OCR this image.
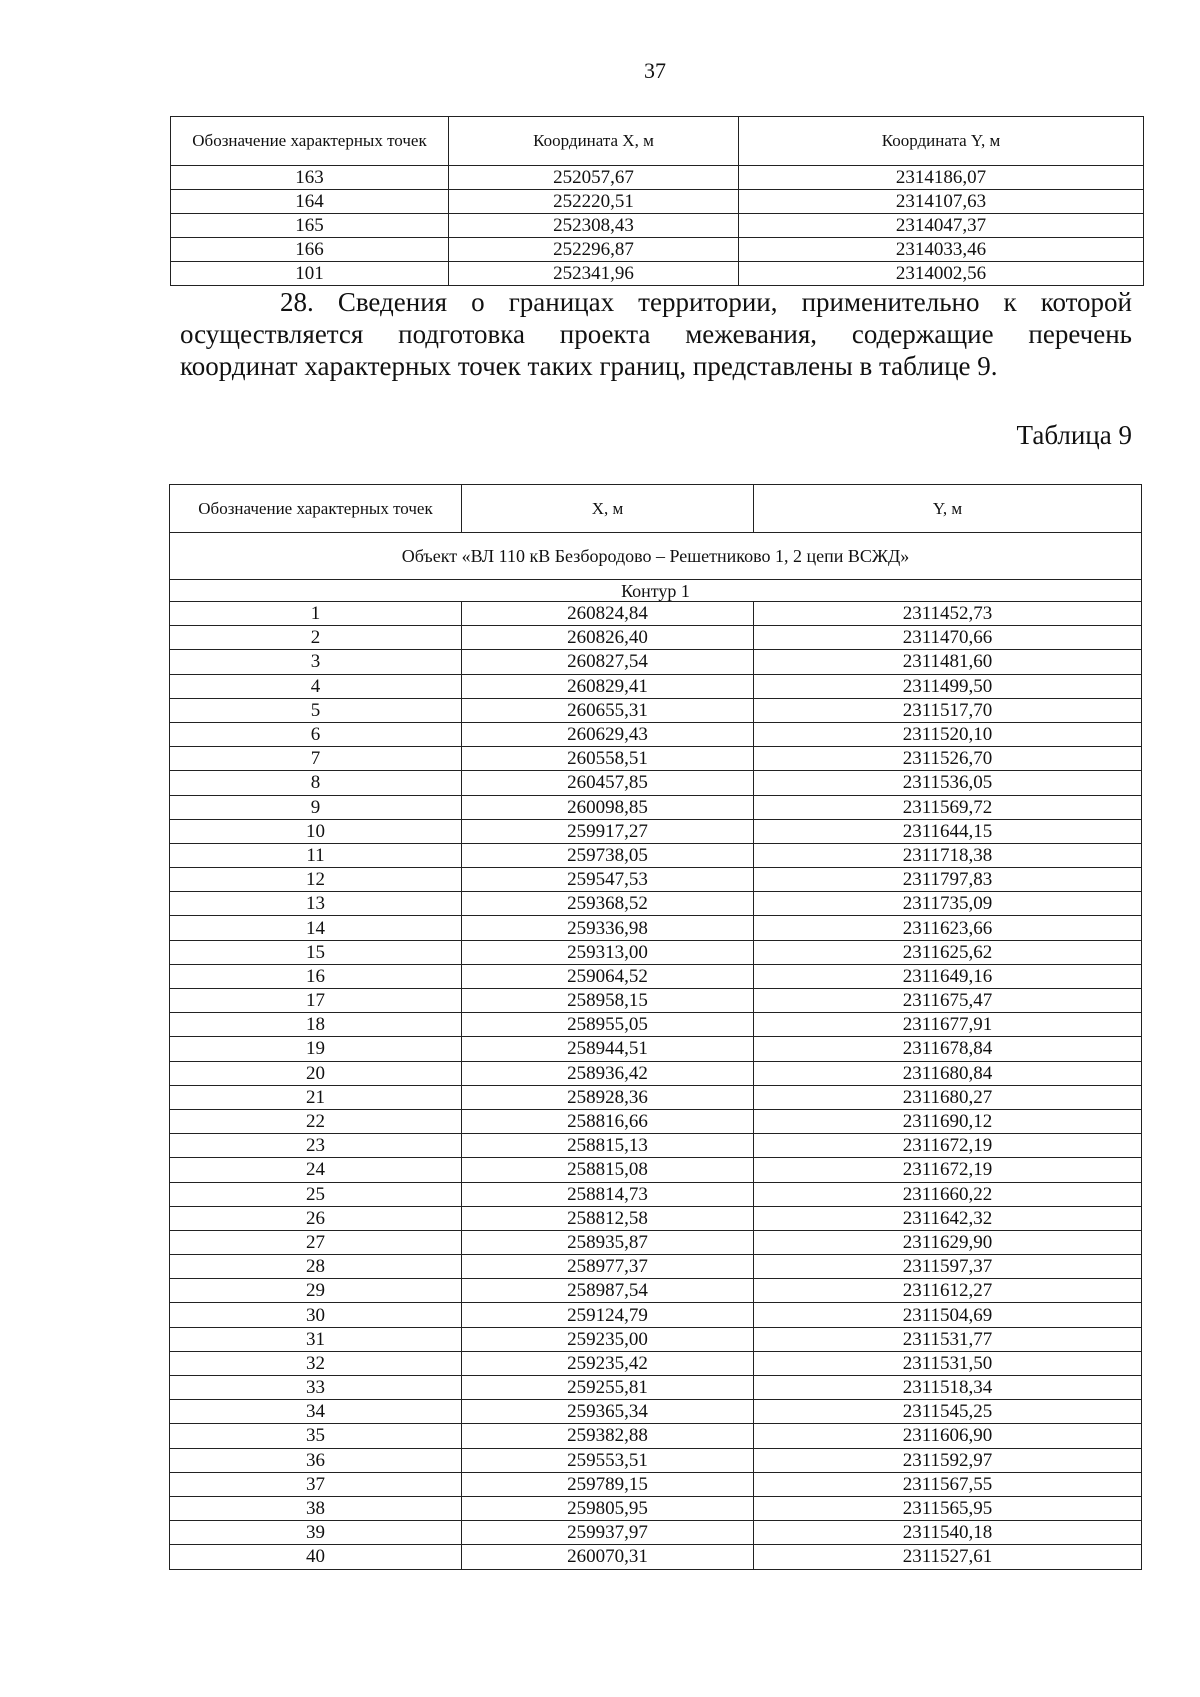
37
Обозначение характерных точек	Координата X, м	Координата Y, м
163	252057,67	2314186,07
164	252220,51	2314107,63
165	252308,43	2314047,37
166	252296,87	2314033,46
101	252341,96	2314002,56

28. Сведения о границах территории, применительно к которой

осуществляется подготовка проекта межевания, содержащие перечень

координат характерных точек таких границ, представлены в таблице 9.

Таблица 9
Обозначение характерных точек	X, м	Y, м
Объект «ВЛ 110 кВ Безбородово – Решетниково 1, 2 цепи ВСЖД»		
Контур 1		
1	260824,84	2311452,73
2	260826,40	2311470,66
3	260827,54	2311481,60
4	260829,41	2311499,50
5	260655,31	2311517,70
6	260629,43	2311520,10
7	260558,51	2311526,70
8	260457,85	2311536,05
9	260098,85	2311569,72
10	259917,27	2311644,15
11	259738,05	2311718,38
12	259547,53	2311797,83
13	259368,52	2311735,09
14	259336,98	2311623,66
15	259313,00	2311625,62
16	259064,52	2311649,16
17	258958,15	2311675,47
18	258955,05	2311677,91
19	258944,51	2311678,84
20	258936,42	2311680,84
21	258928,36	2311680,27
22	258816,66	2311690,12
23	258815,13	2311672,19
24	258815,08	2311672,19
25	258814,73	2311660,22
26	258812,58	2311642,32
27	258935,87	2311629,90
28	258977,37	2311597,37
29	258987,54	2311612,27
30	259124,79	2311504,69
31	259235,00	2311531,77
32	259235,42	2311531,50
33	259255,81	2311518,34
34	259365,34	2311545,25
35	259382,88	2311606,90
36	259553,51	2311592,97
37	259789,15	2311567,55
38	259805,95	2311565,95
39	259937,97	2311540,18
40	260070,31	2311527,61
